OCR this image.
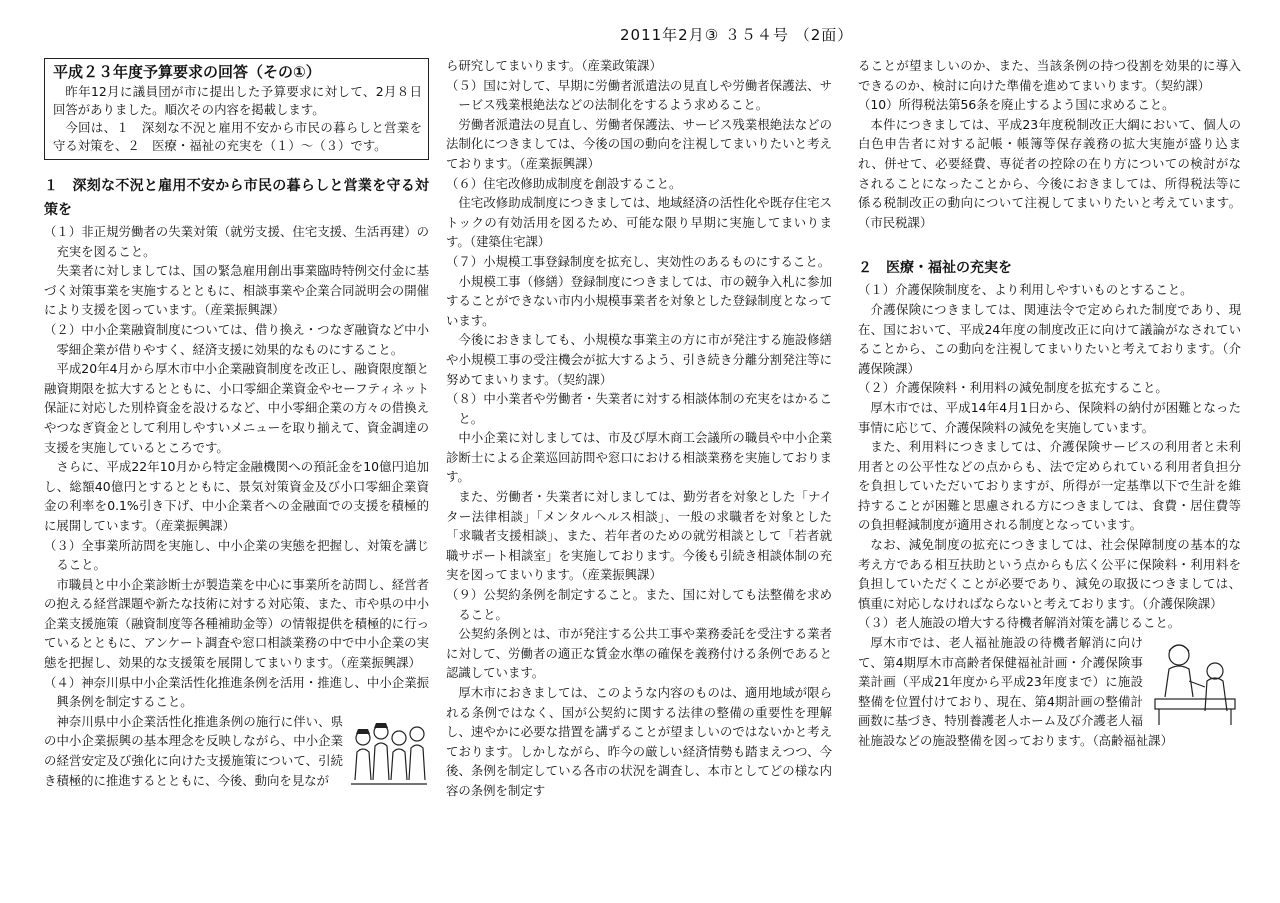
2011年2月③ ３５４号 （2面）
平成２３年度予算要求の回答（その①）

昨年12月に議員団が市に提出した予算要求に対して、2月８日回答がありました。順次その内容を掲載します。

今回は、１　深刻な不況と雇用不安から市民の暮らしと営業を守る対策を、２　医療・福祉の充実を（１）～（３）です。

１　深刻な不況と雇用不安から市民の暮らしと営業を守る対策を

（１）非正規労働者の失業対策（就労支援、住宅支援、生活再建）の充実を図ること。

失業者に対しましては、国の緊急雇用創出事業臨時特例交付金に基づく対策事業を実施するとともに、相談事業や企業合同説明会の開催により支援を図っています。（産業振興課）

（２）中小企業融資制度については、借り換え・つなぎ融資など中小零細企業が借りやすく、経済支援に効果的なものにすること。

平成20年4月から厚木市中小企業融資制度を改正し、融資限度額と融資期限を拡大するとともに、小口零細企業資金やセーフティネット保証に対応した別枠資金を設けるなど、中小零細企業の方々の借換えやつなぎ資金として利用しやすいメニューを取り揃えて、資金調達の支援を実施しているところです。

さらに、平成22年10月から特定金融機関への預託金を10億円追加し、総額40億円とするとともに、景気対策資金及び小口零細企業資金の利率を0.1%引き下げ、中小企業者への金融面での支援を積極的に展開しています。（産業振興課）

（３）全事業所訪問を実施し、中小企業の実態を把握し、対策を講じること。

市職員と中小企業診断士が製造業を中心に事業所を訪問し、経営者の抱える経営課題や新たな技術に対する対応策、また、市や県の中小企業支援施策（融資制度等各種補助金等）の情報提供を積極的に行っているとともに、アンケート調査や窓口相談業務の中で中小企業の実態を把握し、効果的な支援策を展開してまいります。（産業振興課）

（４）神奈川県中小企業活性化推進条例を活用・推進し、中小企業振興条例を制定すること。

神奈川県中小企業活性化推進条例の施行に伴い、県の中小企業振興の基本理念を反映しながら、中小企業の経営安定及び強化に向けた支援施策について、引続き積極的に推進するとともに、今後、動向を見なが

ら研究してまいります。（産業政策課）

（５）国に対して、早期に労働者派遣法の見直しや労働者保護法、サービス残業根絶法などの法制化をするよう求めること。

労働者派遣法の見直し、労働者保護法、サービス残業根絶法などの法制化につきましては、今後の国の動向を注視してまいりたいと考えております。（産業振興課）

（６）住宅改修助成制度を創設すること。

住宅改修助成制度につきましては、地域経済の活性化や既存住宅ストックの有効活用を図るため、可能な限り早期に実施してまいります。（建築住宅課）

（７）小規模工事登録制度を拡充し、実効性のあるものにすること。

小規模工事（修繕）登録制度につきましては、市の競争入札に参加することができない市内小規模事業者を対象とした登録制度となっています。

今後におきましても、小規模な事業主の方に市が発注する施設修繕や小規模工事の受注機会が拡大するよう、引き続き分離分割発注等に努めてまいります。（契約課）

（８）中小業者や労働者・失業者に対する相談体制の充実をはかること。

中小企業に対しましては、市及び厚木商工会議所の職員や中小企業診断士による企業巡回訪問や窓口における相談業務を実施しております。

また、労働者・失業者に対しましては、勤労者を対象とした「ナイター法律相談」「メンタルヘルス相談」、一般の求職者を対象とした「求職者支援相談」、また、若年者のための就労相談として「若者就職サポート相談室」を実施しております。今後も引続き相談体制の充実を図ってまいります。（産業振興課）

（９）公契約条例を制定すること。また、国に対しても法整備を求めること。

公契約条例とは、市が発注する公共工事や業務委託を受注する業者に対して、労働者の適正な賃金水準の確保を義務付ける条例であると認識しています。

厚木市におきましては、このような内容のものは、適用地域が限られる条例ではなく、国が公契約に関する法律の整備の重要性を理解し、速やかに必要な措置を講ずることが望ましいのではないかと考えております。しかしながら、昨今の厳しい経済情勢も踏まえつつ、今後、条例を制定している各市の状況を調査し、本市としてどの様な内容の条例を制定す

ることが望ましいのか、また、当該条例の持つ役割を効果的に導入できるのか、検討に向けた準備を進めてまいります。（契約課）

（10）所得税法第56条を廃止するよう国に求めること。

本件につきましては、平成23年度税制改正大綱において、個人の白色申告者に対する記帳・帳簿等保存義務の拡大実施が盛り込まれ、併せて、必要経費、専従者の控除の在り方についての検討がなされることになったことから、今後におきましては、所得税法等に係る税制改正の動向について注視してまいりたいと考えています。（市民税課）

２　医療・福祉の充実を

（１）介護保険制度を、より利用しやすいものとすること。

介護保険につきましては、関連法令で定められた制度であり、現在、国において、平成24年度の制度改正に向けて議論がなされていることから、この動向を注視してまいりたいと考えております。（介護保険課）

（２）介護保険料・利用料の減免制度を拡充すること。

厚木市では、平成14年4月1日から、保険料の納付が困難となった事情に応じて、介護保険料の減免を実施しています。

また、利用料につきましては、介護保険サービスの利用者と未利用者との公平性などの点からも、法で定められている利用者負担分を負担していただいておりますが、所得が一定基準以下で生計を維持することが困難と思慮される方につきましては、食費・居住費等の負担軽減制度が適用される制度となっています。

なお、減免制度の拡充につきましては、社会保障制度の基本的な考え方である相互扶助という点からも広く公平に保険料・利用料を負担していただくことが必要であり、減免の取扱につきましては、慎重に対応しなければならないと考えております。（介護保険課）

（３）老人施設の増大する待機者解消対策を講じること。

厚木市では、老人福祉施設の待機者解消に向けて、第4期厚木市高齢者保健福祉計画・介護保険事業計画（平成21年度から平成23年度まで）に施設整備を位置付けており、現在、第4期計画の整備計画数に基づき、特別養護老人ホーム及び介護老人福祉施設などの施設整備を図っております。（高齢福祉課）
